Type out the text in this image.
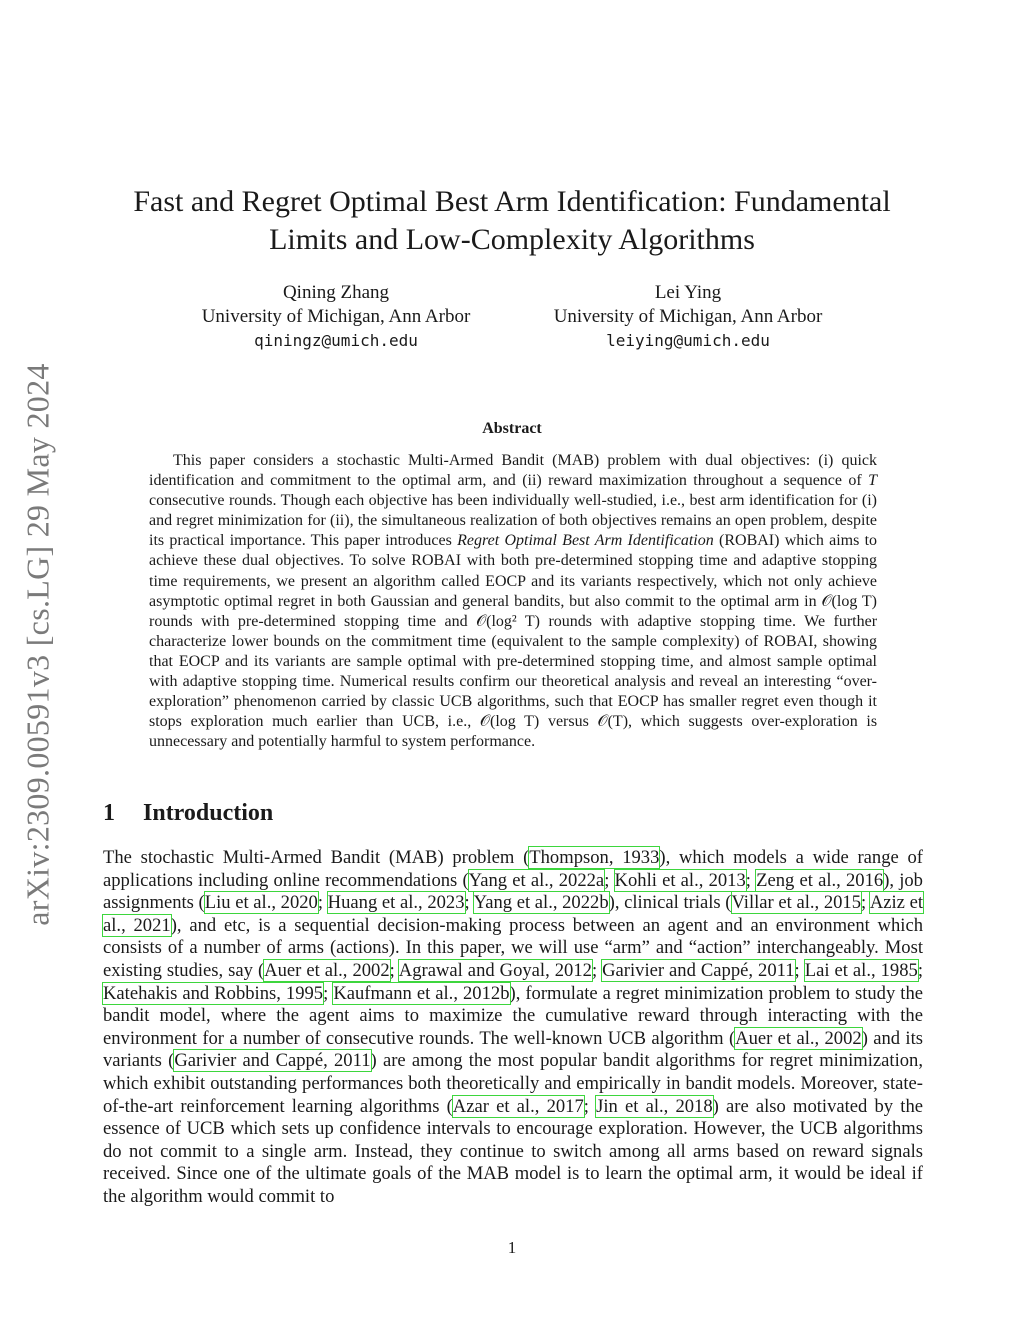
arXiv:2309.00591v3 [cs.LG] 29 May 2024
Fast and Regret Optimal Best Arm Identification: Fundamental
Limits and Low-Complexity Algorithms
Qining Zhang
University of Michigan, Ann Arbor
qiningz@umich.edu
Lei Ying
University of Michigan, Ann Arbor
leiying@umich.edu
Abstract

This paper considers a stochastic Multi-Armed Bandit (MAB) problem with dual objectives: (i) quick identification and commitment to the optimal arm, and (ii) reward maximization throughout a sequence of T consecutive rounds. Though each objective has been individually well-studied, i.e., best arm identification for (i) and regret minimization for (ii), the simultaneous realization of both objectives remains an open problem, despite its practical importance. This paper introduces Regret Optimal Best Arm Identification (ROBAI) which aims to achieve these dual objectives. To solve ROBAI with both pre-determined stopping time and adaptive stopping time requirements, we present an algorithm called EOCP and its variants respectively, which not only achieve asymptotic optimal regret in both Gaussian and general bandits, but also commit to the optimal arm in 𝒪(log T) rounds with pre-determined stopping time and 𝒪(log² T) rounds with adaptive stopping time. We further characterize lower bounds on the commitment time (equivalent to the sample complexity) of ROBAI, showing that EOCP and its variants are sample optimal with pre-determined stopping time, and almost sample optimal with adaptive stopping time. Numerical results confirm our theoretical analysis and reveal an interesting “over-exploration” phenomenon carried by classic UCB algorithms, such that EOCP has smaller regret even though it stops exploration much earlier than UCB, i.e., 𝒪(log T) versus 𝒪(T), which suggests over-exploration is unnecessary and potentially harmful to system performance.

1 Introduction

The stochastic Multi-Armed Bandit (MAB) problem (Thompson, 1933), which models a wide range of applications including online recommendations (Yang et al., 2022a; Kohli et al., 2013; Zeng et al., 2016), job assignments (Liu et al., 2020; Huang et al., 2023; Yang et al., 2022b), clinical trials (Villar et al., 2015; Aziz et al., 2021), and etc, is a sequential decision-making process between an agent and an environment which consists of a number of arms (actions). In this paper, we will use “arm” and “action” interchangeably. Most existing studies, say (Auer et al., 2002; Agrawal and Goyal, 2012; Garivier and Cappé, 2011; Lai et al., 1985; Katehakis and Robbins, 1995; Kaufmann et al., 2012b), formulate a regret minimization problem to study the bandit model, where the agent aims to maximize the cumulative reward through interacting with the environment for a number of consecutive rounds. The well-known UCB algorithm (Auer et al., 2002) and its variants (Garivier and Cappé, 2011) are among the most popular bandit algorithms for regret minimization, which exhibit outstanding performances both theoretically and empirically in bandit models. Moreover, state-of-the-art reinforcement learning algorithms (Azar et al., 2017; Jin et al., 2018) are also motivated by the essence of UCB which sets up confidence intervals to encourage exploration. However, the UCB algorithms do not commit to a single arm. Instead, they continue to switch among all arms based on reward signals received. Since one of the ultimate goals of the MAB model is to learn the optimal arm, it would be ideal if the algorithm would commit to

1
